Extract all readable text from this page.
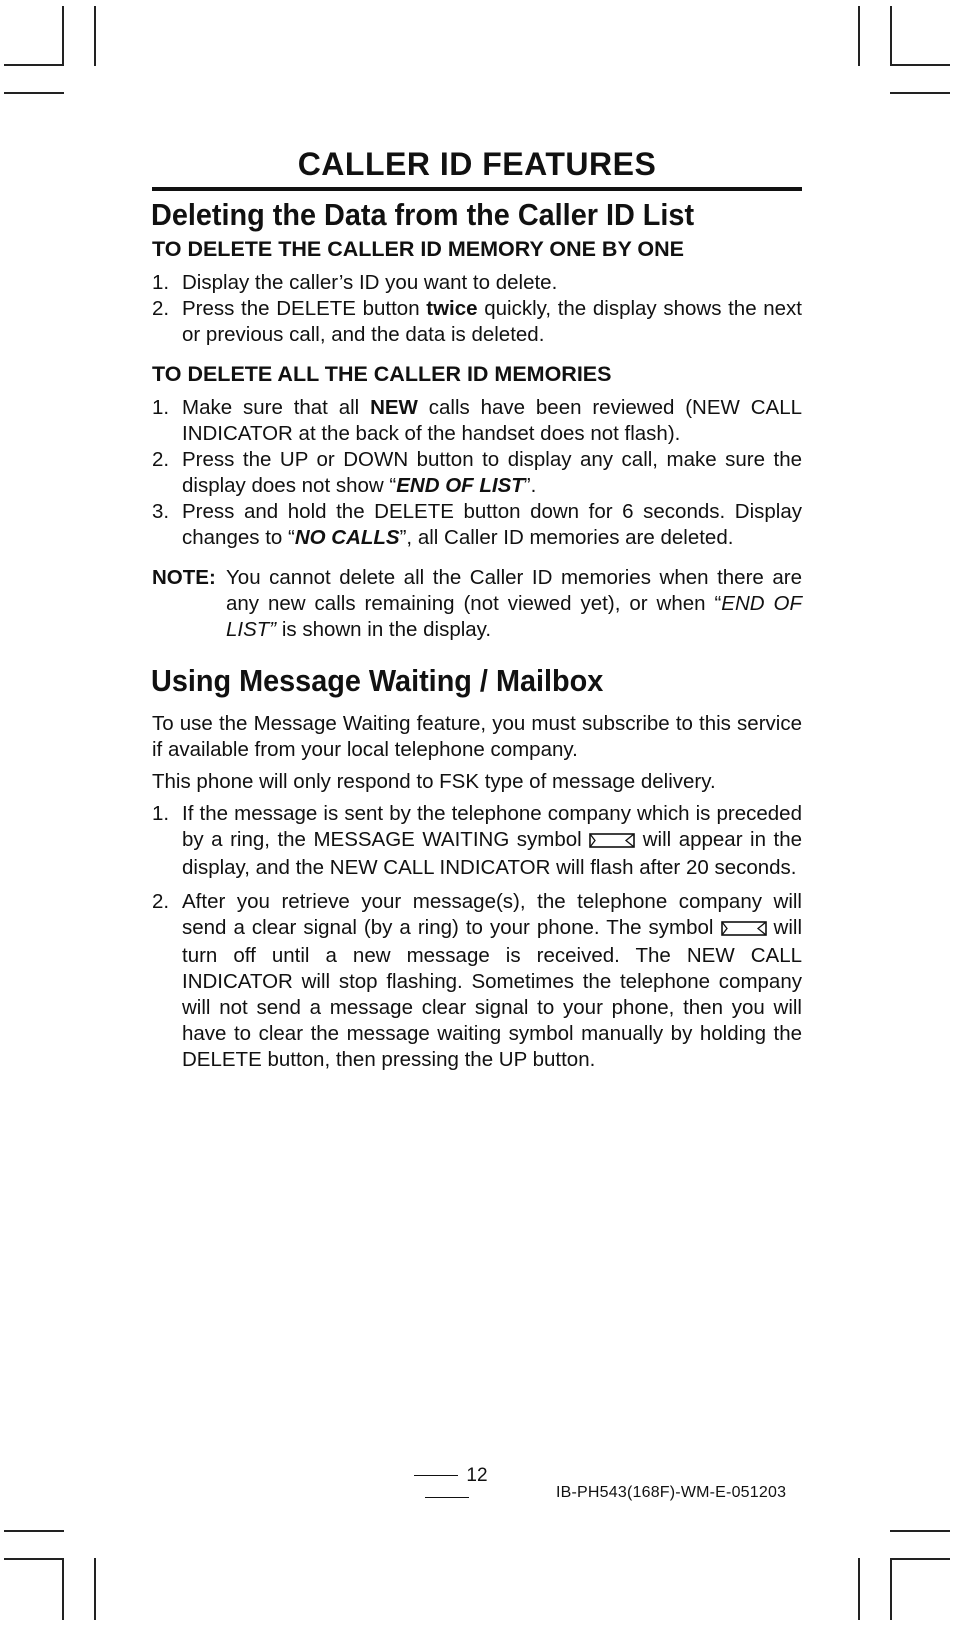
CALLER ID FEATURES
Deleting the Data from the Caller ID List
TO DELETE THE CALLER ID MEMORY ONE BY ONE
1. Display the caller’s ID you want to delete.
2. Press the DELETE button twice quickly, the display shows the next or previous call, and the data is deleted.
TO DELETE ALL THE CALLER ID MEMORIES
1. Make sure that all NEW calls have been reviewed (NEW CALL INDICATOR at the back of the handset does not flash).
2. Press the UP or DOWN button to display any call, make sure the display does not show “END OF LIST”.
3. Press and hold the DELETE button down for 6 seconds. Display changes to “NO CALLS”, all Caller ID memories are deleted.
NOTE: You cannot delete all the Caller ID memories when there are any new calls remaining (not viewed yet), or when “END OF LIST” is shown in the display.
Using Message Waiting / Mailbox

To use the Message Waiting feature, you must subscribe to this service if available from your local telephone company.

This phone will only respond to FSK type of message delivery.

1. If the message is sent by the telephone company which is preceded by a ring, the MESSAGE WAITING symbol  will appear in the display, and the NEW CALL INDICATOR will flash after 20 seconds.
2. After you retrieve your message(s), the telephone company will send a clear signal (by a ring) to your phone. The symbol  will turn off until a new message is received. The NEW CALL INDICATOR will stop flashing. Sometimes the telephone company will not send a message clear signal to your phone, then you will have to clear the message waiting symbol manually by holding the DELETE button, then pressing the UP button.
12
IB-PH543(168F)-WM-E-051203
